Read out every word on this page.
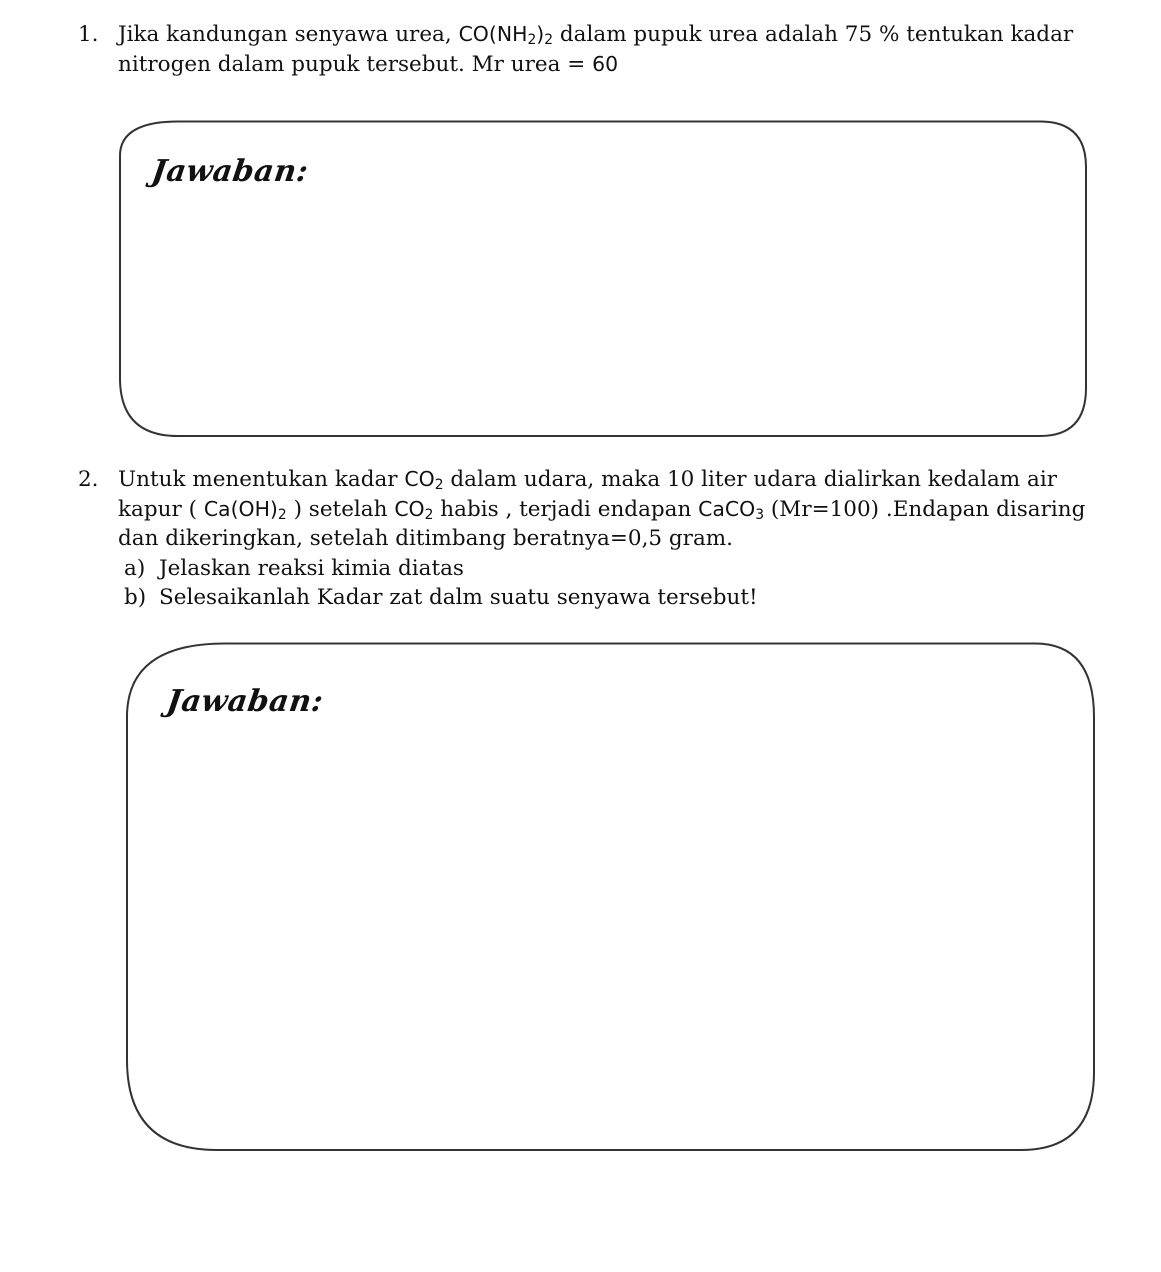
1. Jika kandungan senyawa urea, $CO(NH_2)_2$ dalam pupuk urea adalah 75 % tentukan kadar
nitrogen dalam pupuk tersebut. Mr urea = 60
Jawaban:
2. Untuk menentukan kadar $CO_2$ dalam udara, maka 10 liter udara dialirkan kedalam air
kapur ( $Ca(OH)_2$ ) setelah $CO_2$ habis , terjadi endapan CaCO$_3$ (Mr=100) .Endapan disaring
dan dikeringkan, setelah ditimbang beratnya=0,5 gram.
a) Jelaskan reaksi kimia diatas
b) Selesaikanlah Kadar zat dalm suatu senyawa tersebut!
Jawaban:
